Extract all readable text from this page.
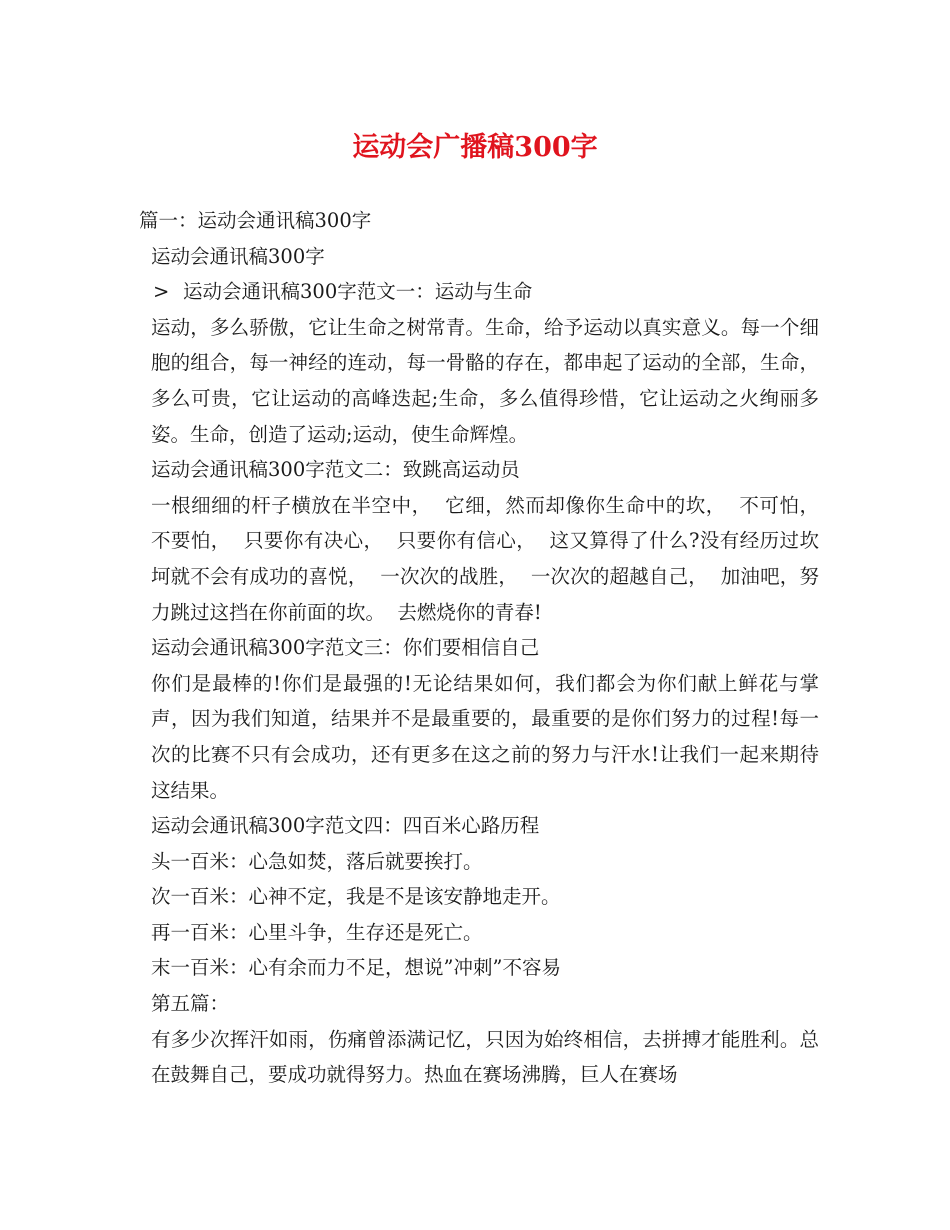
运动会广播稿300字

篇一：运动会通讯稿300字

运动会通讯稿300字

> 运动会通讯稿300字范文一：运动与生命

运动，多么骄傲，它让生命之树常青。生命，给予运动以真实意义。每一个细胞的组合，每一神经的连动，每一骨骼的存在，都串起了运动的全部，生命，多么可贵，它让运动的高峰迭起;生命，多么值得珍惜，它让运动之火绚丽多姿。生命，创造了运动;运动，使生命辉煌。

运动会通讯稿300字范文二：致跳高运动员

一根细细的杆子横放在半空中，  它细，然而却像你生命中的坎，  不可怕，不要怕，  只要你有决心，  只要你有信心，  这又算得了什么?没有经历过坎坷就不会有成功的喜悦，  一次次的战胜，  一次次的超越自己，  加油吧，努力跳过这挡在你前面的坎。  去燃烧你的青春!

运动会通讯稿300字范文三：你们要相信自己

你们是最棒的!你们是最强的!无论结果如何，我们都会为你们献上鲜花与掌声，因为我们知道，结果并不是最重要的，最重要的是你们努力的过程!每一次的比赛不只有会成功，还有更多在这之前的努力与汗水!让我们一起来期待这结果。

运动会通讯稿300字范文四：四百米心路历程

头一百米：心急如焚，落后就要挨打。

次一百米：心神不定，我是不是该安静地走开。

再一百米：心里斗争，生存还是死亡。

末一百米：心有余而力不足，想说”冲刺”不容易

第五篇：

有多少次挥汗如雨，伤痛曾添满记忆，只因为始终相信，去拼搏才能胜利。总在鼓舞自己，要成功就得努力。热血在赛场沸腾，巨人在赛场
